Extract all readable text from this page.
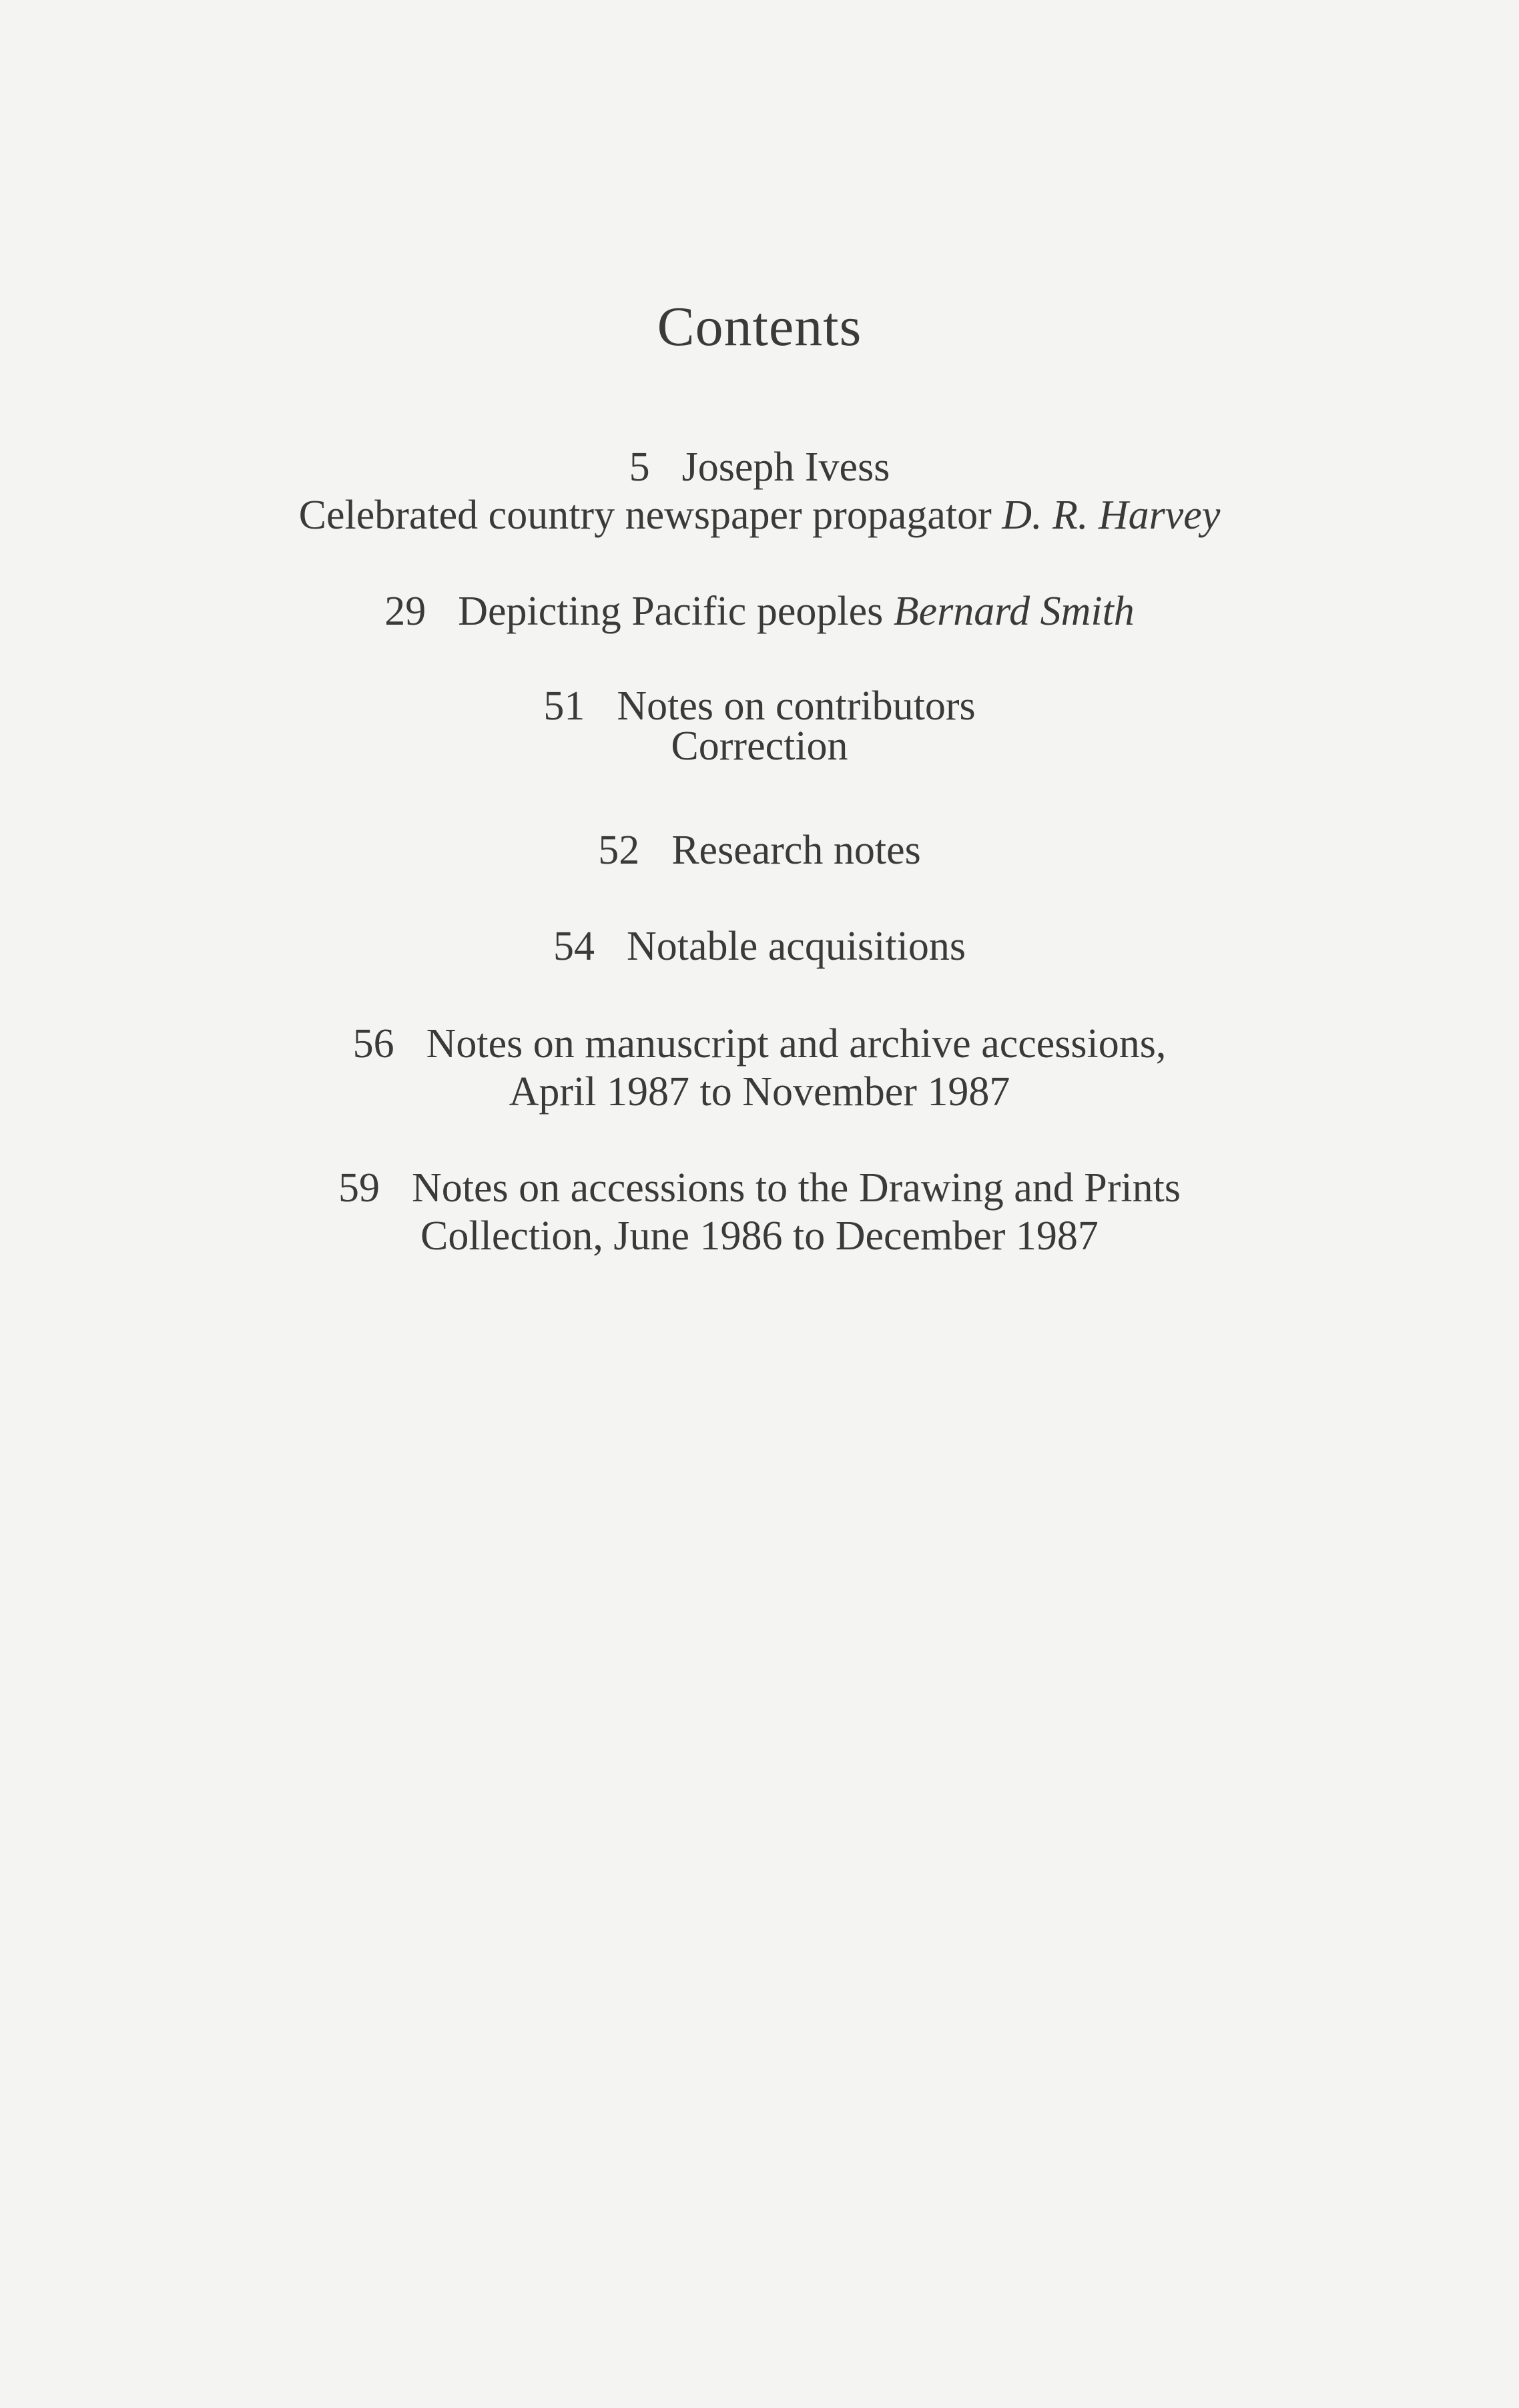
Contents
5 Joseph Ivess
Celebrated country newspaper propagator D. R. Harvey
29 Depicting Pacific peoples Bernard Smith
51 Notes on contributors
Correction
52 Research notes
54 Notable acquisitions
56 Notes on manuscript and archive accessions,
April 1987 to November 1987
59 Notes on accessions to the Drawing and Prints
Collection, June 1986 to December 1987
